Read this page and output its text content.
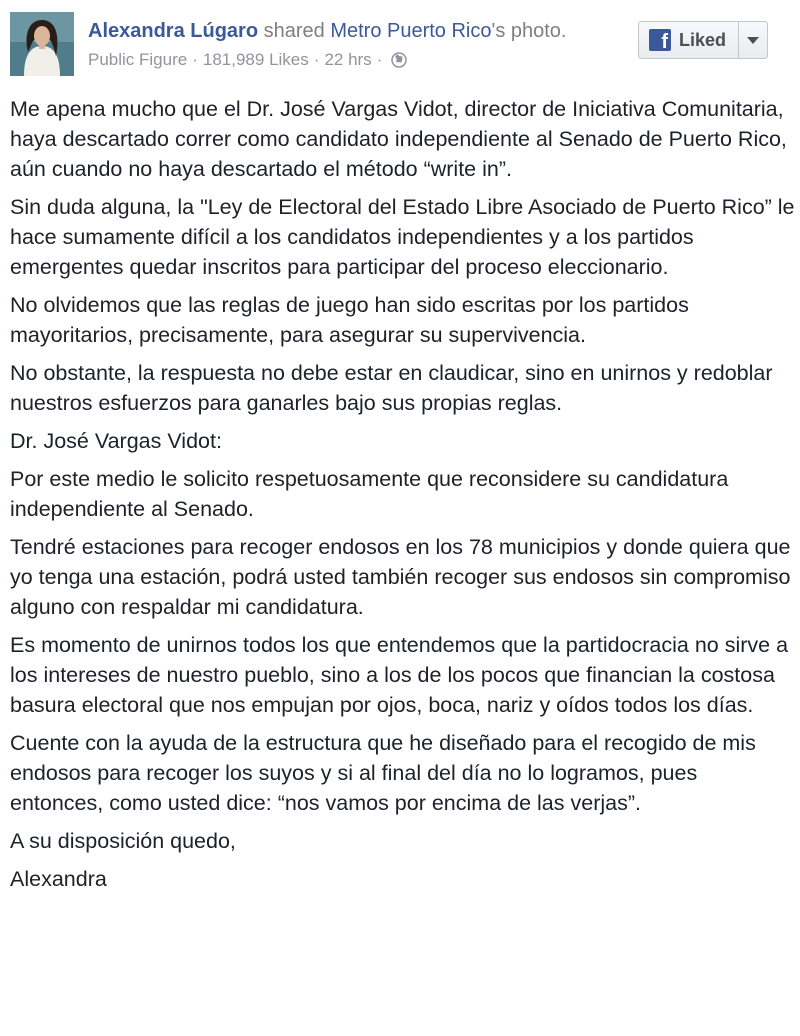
Alexandra Lúgaro shared Metro Puerto Rico's photo.
Public Figure · 181,989 Likes · 22 hrs ·
f Liked

Me apena mucho que el Dr. José Vargas Vidot, director de Iniciativa Comunitaria, haya descartado correr como candidato independiente al Senado de Puerto Rico, aún cuando no haya descartado el método “write in”.

Sin duda alguna, la "Ley de Electoral del Estado Libre Asociado de Puerto Rico” le hace sumamente difícil a los candidatos independientes y a los partidos emergentes quedar inscritos para participar del proceso eleccionario.

No olvidemos que las reglas de juego han sido escritas por los partidos mayoritarios, precisamente, para asegurar su supervivencia.

No obstante, la respuesta no debe estar en claudicar, sino en unirnos y redoblar nuestros esfuerzos para ganarles bajo sus propias reglas.

Dr. José Vargas Vidot:

Por este medio le solicito respetuosamente que reconsidere su candidatura independiente al Senado.

Tendré estaciones para recoger endosos en los 78 municipios y donde quiera que yo tenga una estación, podrá usted también recoger sus endosos sin compromiso alguno con respaldar mi candidatura.

Es momento de unirnos todos los que entendemos que la partidocracia no sirve a los intereses de nuestro pueblo, sino a los de los pocos que financian la costosa basura electoral que nos empujan por ojos, boca, nariz y oídos todos los días.

Cuente con la ayuda de la estructura que he diseñado para el recogido de mis endosos para recoger los suyos y si al final del día no lo logramos, pues entonces, como usted dice: “nos vamos por encima de las verjas”.

A su disposición quedo,

Alexandra
